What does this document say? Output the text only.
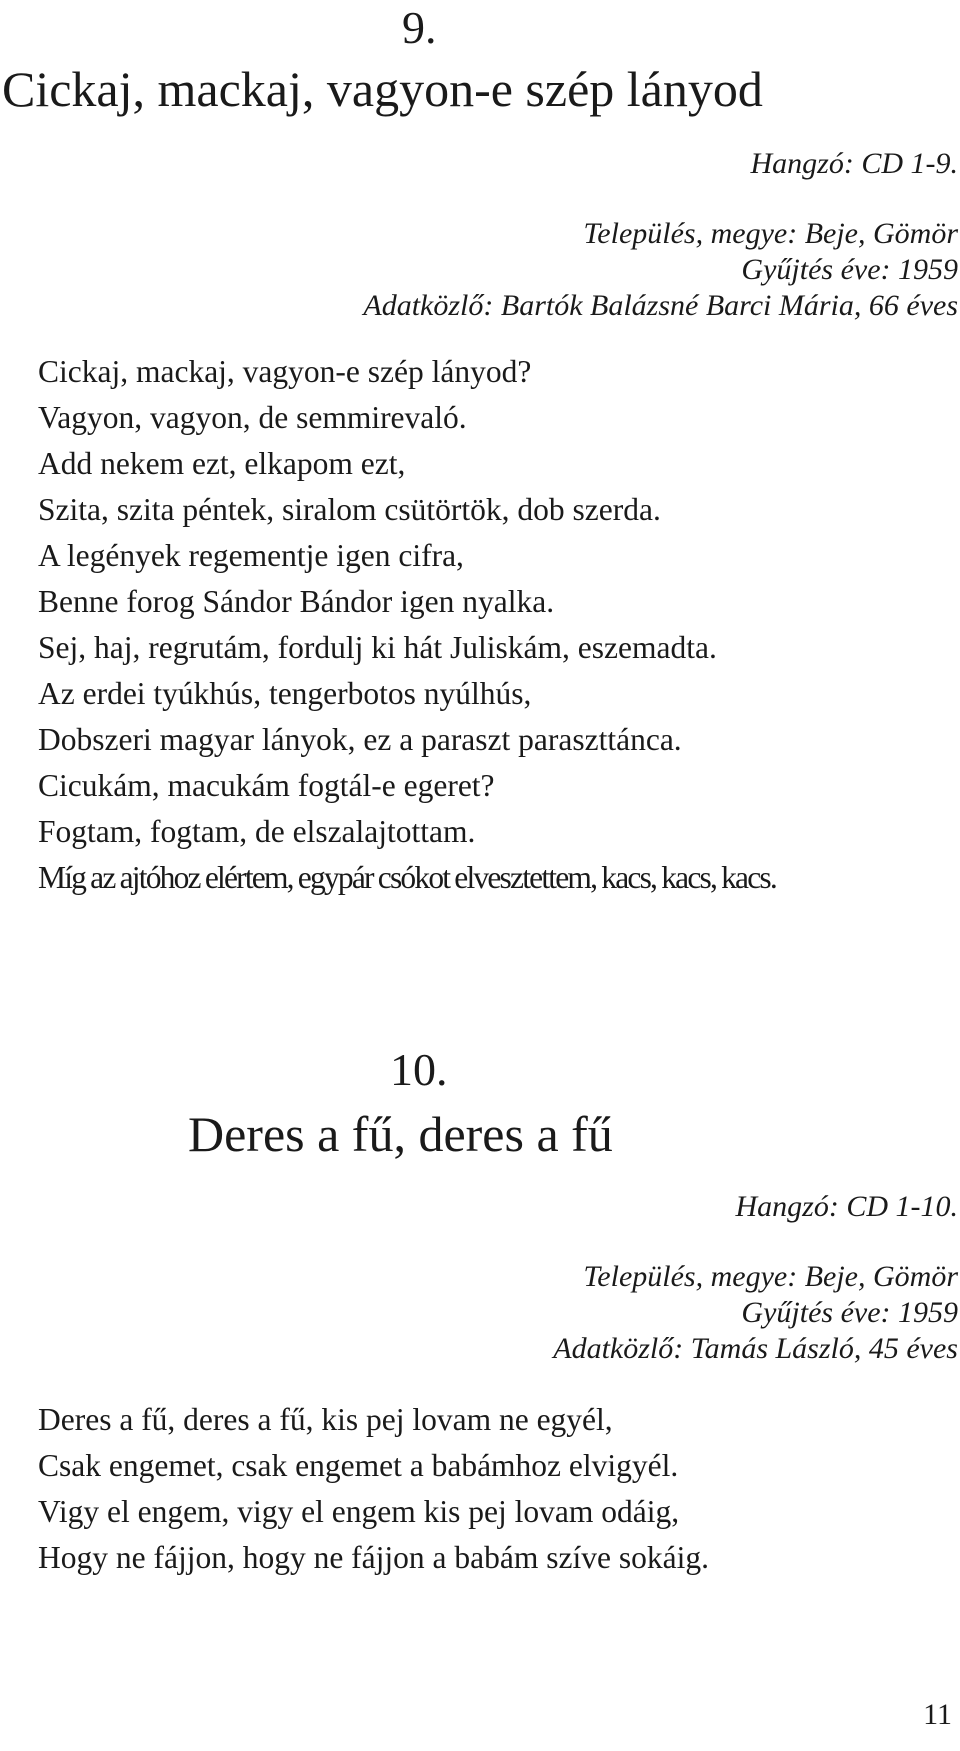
9.
Cickaj, mackaj, vagyon-e szép lányod
Hangzó: CD 1-9.
Település, megye: Beje, Gömör
Gyűjtés éve: 1959
Adatközlő: Bartók Balázsné Barci Mária, 66 éves
Cickaj, mackaj, vagyon-e szép lányod?
Vagyon, vagyon, de semmirevaló.
Add nekem ezt, elkapom ezt,
Szita, szita péntek, siralom csütörtök, dob szerda.
A legények regementje igen cifra,
Benne forog Sándor Bándor igen nyalka.
Sej, haj, regrutám, fordulj ki hát Juliskám, eszemadta.
Az erdei tyúkhús, tengerbotos nyúlhús,
Dobszeri magyar lányok, ez a paraszt paraszttánca.
Cicukám, macukám fogtál-e egeret?
Fogtam, fogtam, de elszalajtottam.
Míg az ajtóhoz elértem, egypár csókot elvesztettem, kacs, kacs, kacs.
10.
Deres a fű, deres a fű
Hangzó: CD 1-10.
Település, megye: Beje, Gömör
Gyűjtés éve: 1959
Adatközlő: Tamás László, 45 éves
Deres a fű, deres a fű, kis pej lovam ne egyél,
Csak engemet, csak engemet a babámhoz elvigyél.
Vigy el engem, vigy el engem kis pej lovam odáig,
Hogy ne fájjon, hogy ne fájjon a babám szíve sokáig.
11
